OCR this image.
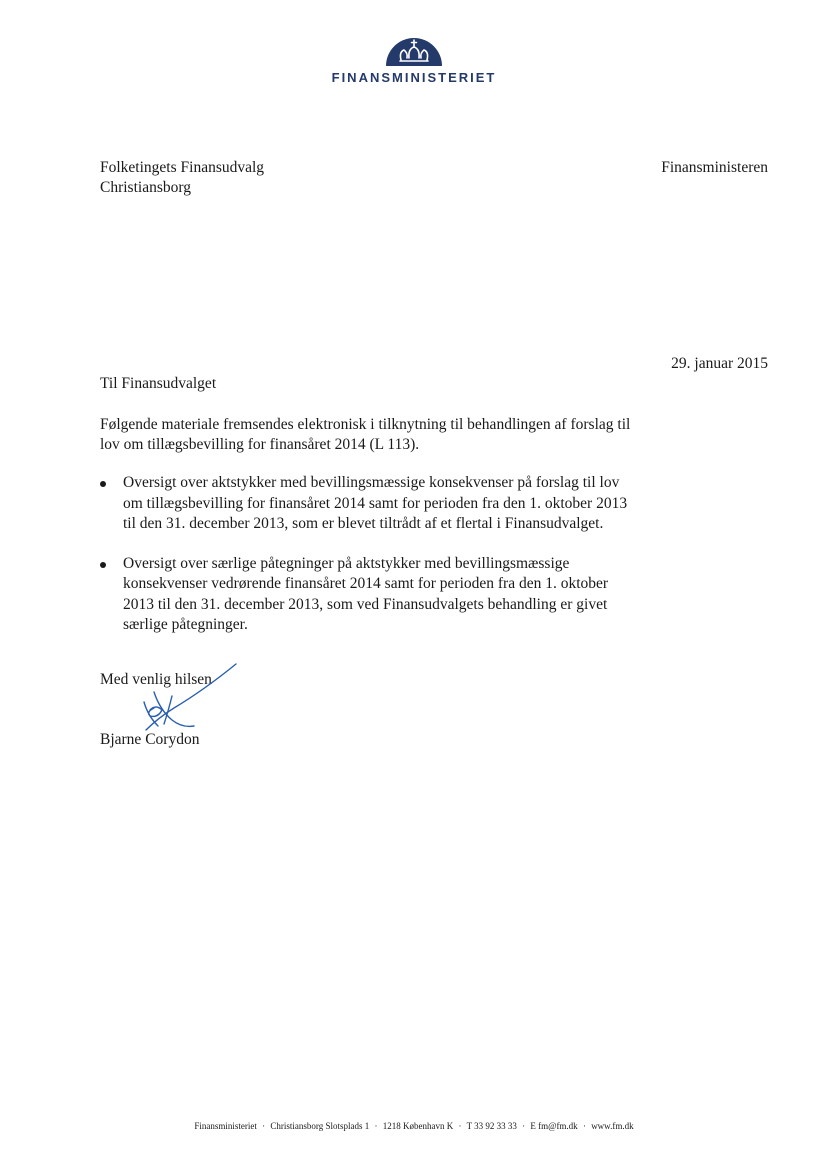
FINANSMINISTERIET
Folketingets Finansudvalg
Christiansborg
Finansministeren
29. januar 2015
Til Finansudvalget
Følgende materiale fremsendes elektronisk i tilknytning til behandlingen af forslag til lov om tillægsbevilling for finansåret 2014 (L 113).
Oversigt over aktstykker med bevillingsmæssige konsekvenser på forslag til lov om tillægsbevilling for finansåret 2014 samt for perioden fra den 1. oktober 2013 til den 31. december 2013, som er blevet tiltrådt af et flertal i Finansudvalget.
Oversigt over særlige påtegninger på aktstykker med bevillingsmæssige konsekvenser vedrørende finansåret 2014 samt for perioden fra den 1. oktober 2013 til den 31. december 2013, som ved Finansudvalgets behandling er givet særlige påtegninger.
Med venlig hilsen
Bjarne Corydon
Finansministeriet · Christiansborg Slotsplads 1 · 1218 København K · T 33 92 33 33 · E fm@fm.dk · www.fm.dk
